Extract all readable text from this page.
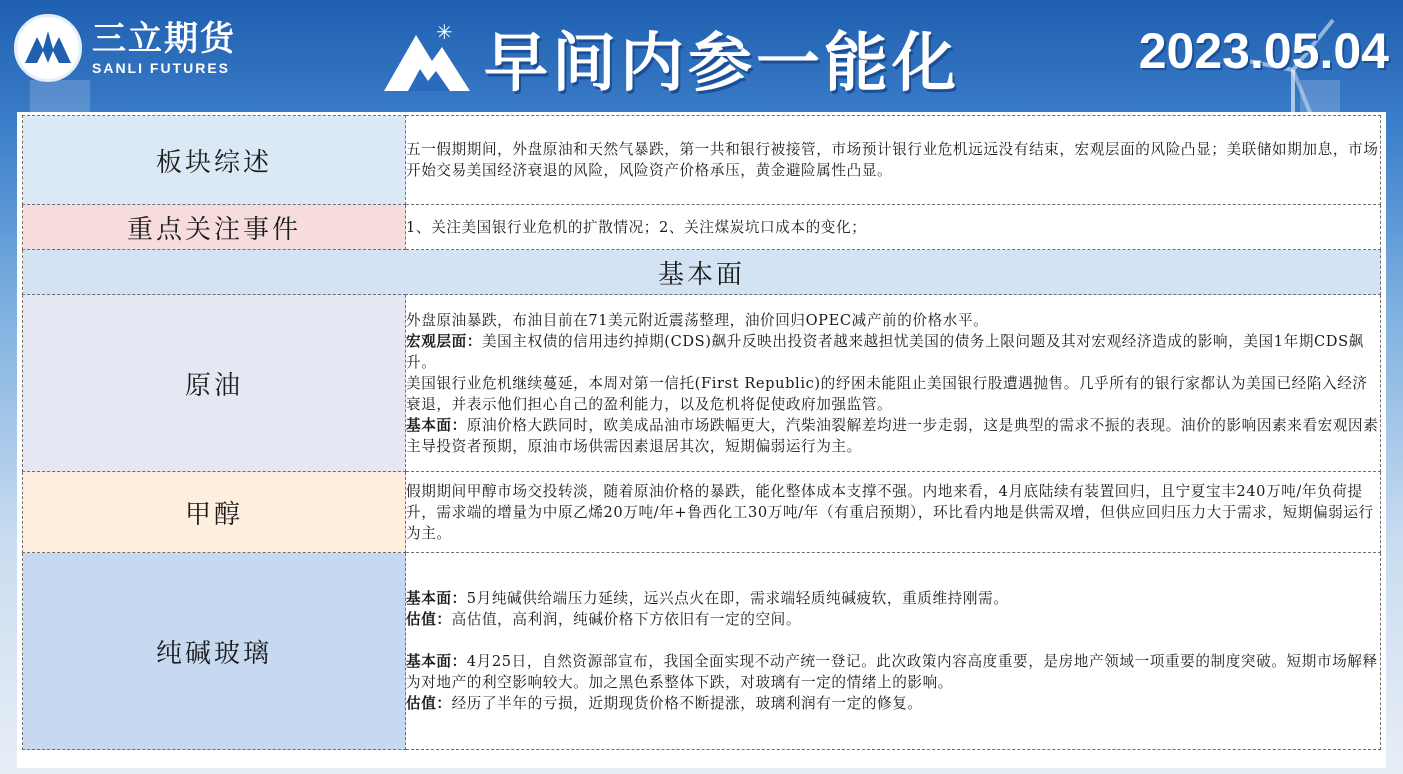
三立期货
SANLI FUTURES
✳ 早间内参一能化	2023.05.04
板块综述	五一假期期间，外盘原油和天然气暴跌，第一共和银行被接管，市场预计银行业危机远远没有结束，宏观层面的风险凸显；美联储如期加息，市场开始交易美国经济衰退的风险，风险资产价格承压，黄金避险属性凸显。
重点关注事件	1、关注美国银行业危机的扩散情况；2、关注煤炭坑口成本的变化；
基本面	
原油	外盘原油暴跌，布油目前在71美元附近震荡整理，油价回归OPEC减产前的价格水平。
宏观层面：美国主权债的信用违约掉期(CDS)飙升反映出投资者越来越担忧美国的债务上限问题及其对宏观经济造成的影响，美国1年期CDS飙升。
美国银行业危机继续蔓延，本周对第一信托(First Republic)的纾困未能阻止美国银行股遭遇抛售。几乎所有的银行家都认为美国已经陷入经济衰退，并表示他们担心自己的盈利能力，以及危机将促使政府加强监管。
基本面：原油价格大跌同时，欧美成品油市场跌幅更大，汽柴油裂解差均进一步走弱，这是典型的需求不振的表现。油价的影响因素来看宏观因素主导投资者预期，原油市场供需因素退居其次，短期偏弱运行为主。

甲醇	假期期间甲醇市场交投转淡，随着原油价格的暴跌，能化整体成本支撑不强。内地来看，4月底陆续有装置回归，且宁夏宝丰240万吨/年负荷提升，需求端的增量为中原乙烯20万吨/年+鲁西化工30万吨/年（有重启预期），环比看内地是供需双增，但供应回归压力大于需求，短期偏弱运行为主。
纯碱玻璃	基本面：5月纯碱供给端压力延续，远兴点火在即，需求端轻质纯碱疲软，重质维持刚需。
估值：高估值，高利润，纯碱价格下方依旧有一定的空间。
基本面：4月25日，自然资源部宣布，我国全面实现不动产统一登记。此次政策内容高度重要，是房地产领域一项重要的制度突破。短期市场解释为对地产的利空影响较大。加之黑色系整体下跌，对玻璃有一定的情绪上的影响。
估值：经历了半年的亏损，近期现货价格不断提涨，玻璃利润有一定的修复。
